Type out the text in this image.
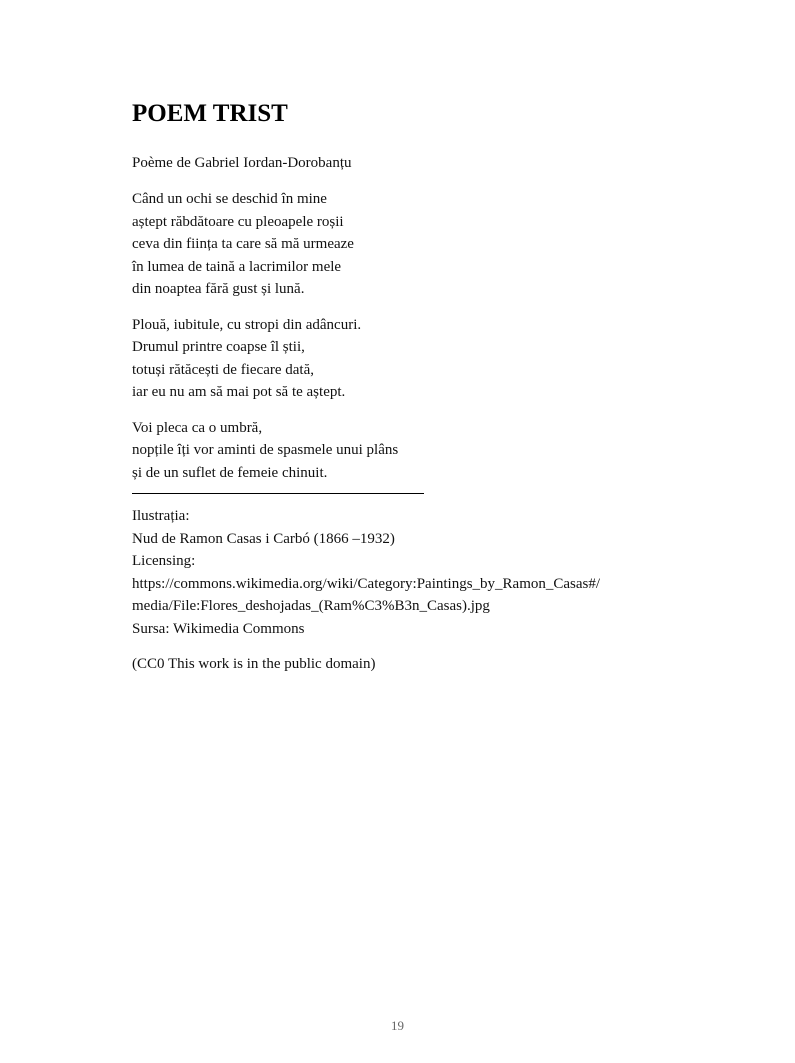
POEM TRIST

Poème de Gabriel Iordan-Dorobanțu

Când un ochi se deschid în mine
aștept răbdătoare cu pleoapele roșii
ceva din ființa ta care să mă urmeaze
în lumea de taină a lacrimilor mele
din noaptea fără gust și lună.
Plouă, iubitule, cu stropi din adâncuri.
Drumul printre coapse îl știi,
totuși rătăcești de fiecare dată,
iar eu nu am să mai pot să te aștept.
Voi pleca ca o umbră,
nopțile îți vor aminti de spasmele unui plâns
și de un suflet de femeie chinuit.
Ilustrația:
Nud de Ramon Casas i Carbó (1866 –1932)
Licensing:
https://commons.wikimedia.org/wiki/Category:Paintings_by_Ramon_Casas#/
media/File:Flores_deshojadas_(Ram%C3%B3n_Casas).jpg
Sursa: Wikimedia Commons
(CC0 This work is in the public domain)
19
